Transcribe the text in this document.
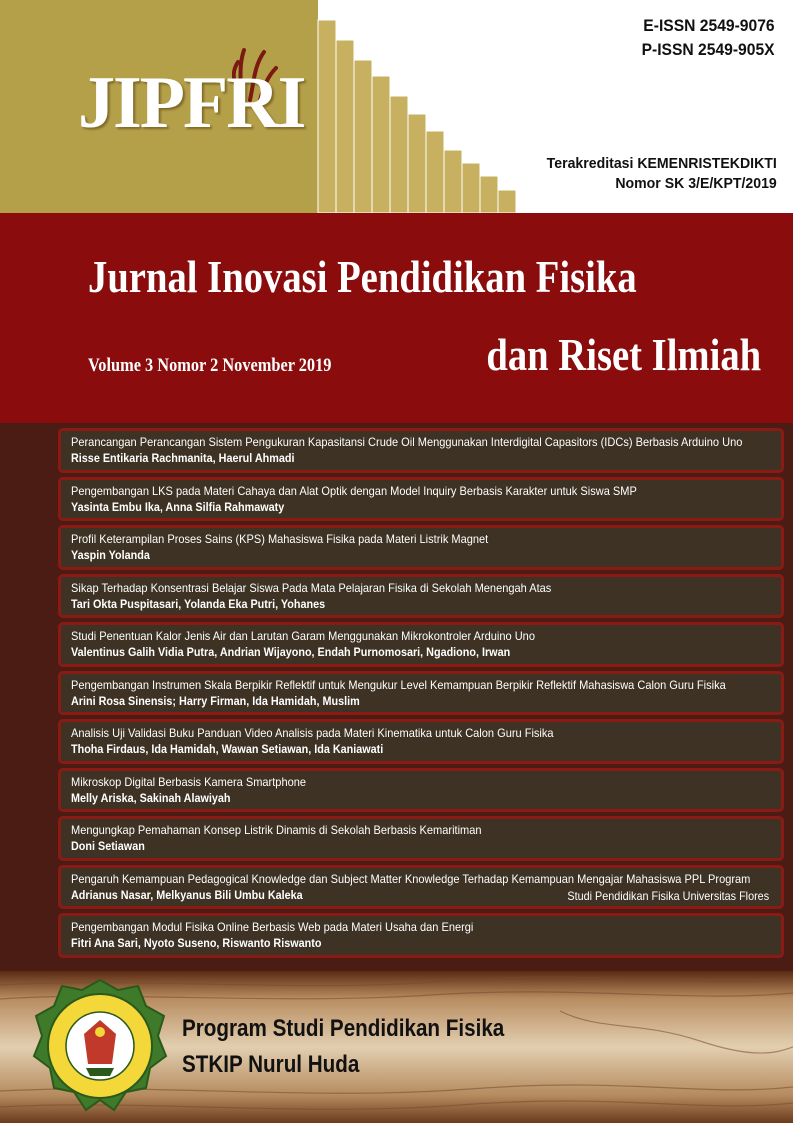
JIPFRI
E-ISSN 2549-9076
P-ISSN 2549-905X
Terakreditasi KEMENRISTEKDIKTI
Nomor SK 3/E/KPT/2019
Jurnal Inovasi Pendidikan Fisika
Volume 3 Nomor 2 November 2019	dan Riset Ilmiah
Perancangan Perancangan Sistem Pengukuran Kapasitansi Crude Oil Menggunakan Interdigital Capasitors (IDCs) Berbasis Arduino Uno
Risse Entikaria Rachmanita, Haerul Ahmadi
Pengembangan LKS pada Materi Cahaya dan Alat Optik dengan Model Inquiry Berbasis Karakter untuk Siswa SMP
Yasinta Embu Ika, Anna Silfia Rahmawaty
Profil Keterampilan Proses Sains (KPS) Mahasiswa Fisika pada Materi Listrik Magnet
Yaspin Yolanda
Sikap Terhadap Konsentrasi Belajar Siswa Pada Mata Pelajaran Fisika di Sekolah Menengah Atas
Tari Okta Puspitasari, Yolanda Eka Putri, Yohanes
Studi Penentuan Kalor Jenis Air dan Larutan Garam Menggunakan Mikrokontroler Arduino Uno
Valentinus Galih Vidia Putra, Andrian Wijayono, Endah Purnomosari, Ngadiono, Irwan
Pengembangan Instrumen Skala Berpikir Reflektif untuk Mengukur Level Kemampuan Berpikir Reflektif Mahasiswa Calon Guru Fisika
Arini Rosa Sinensis; Harry Firman, Ida Hamidah, Muslim
Analisis Uji Validasi Buku Panduan Video Analisis pada Materi Kinematika untuk Calon Guru Fisika
Thoha Firdaus, Ida Hamidah, Wawan Setiawan, Ida Kaniawati
Mikroskop Digital Berbasis Kamera Smartphone
Melly Ariska, Sakinah Alawiyah
Mengungkap Pemahaman Konsep Listrik Dinamis di Sekolah Berbasis Kemaritiman
Doni Setiawan
Pengaruh Kemampuan Pedagogical Knowledge dan Subject Matter Knowledge Terhadap Kemampuan Mengajar Mahasiswa PPL Program
Adrianus Nasar, Melkyanus Bili Umbu Kaleka	Studi Pendidikan Fisika Universitas Flores
Pengembangan Modul Fisika Online Berbasis Web pada Materi Usaha dan Energi
Fitri Ana Sari, Nyoto Suseno, Riswanto Riswanto
Program Studi Pendidikan Fisika
STKIP Nurul Huda
